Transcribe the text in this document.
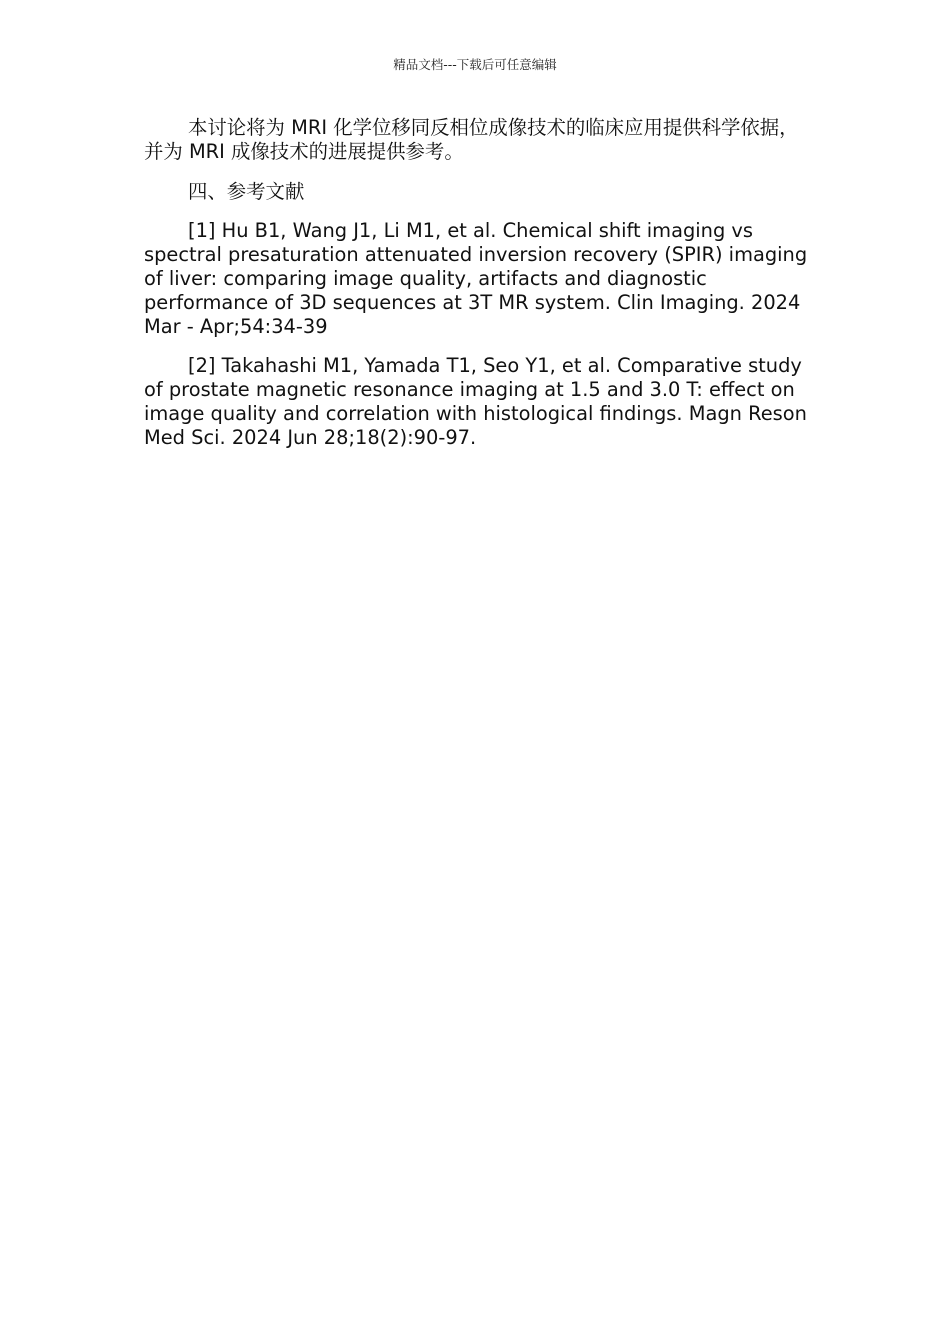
精品文档---下载后可任意编辑

本讨论将为 MRI 化学位移同反相位成像技术的临床应用提供科学依据，并为 MRI 成像技术的进展提供参考。

四、参考文献

[1] Hu B1, Wang J1, Li M1, et al. Chemical shift imaging vs spectral presaturation attenuated inversion recovery (SPIR) imaging of liver: comparing image quality, artifacts and diagnostic performance of 3D sequences at 3T MR system. Clin Imaging. 2024 Mar - Apr;54:34-39

[2] Takahashi M1, Yamada T1, Seo Y1, et al. Comparative study of prostate magnetic resonance imaging at 1.5 and 3.0 T: effect on image quality and correlation with histological findings. Magn Reson Med Sci. 2024 Jun 28;18(2):90-97.
